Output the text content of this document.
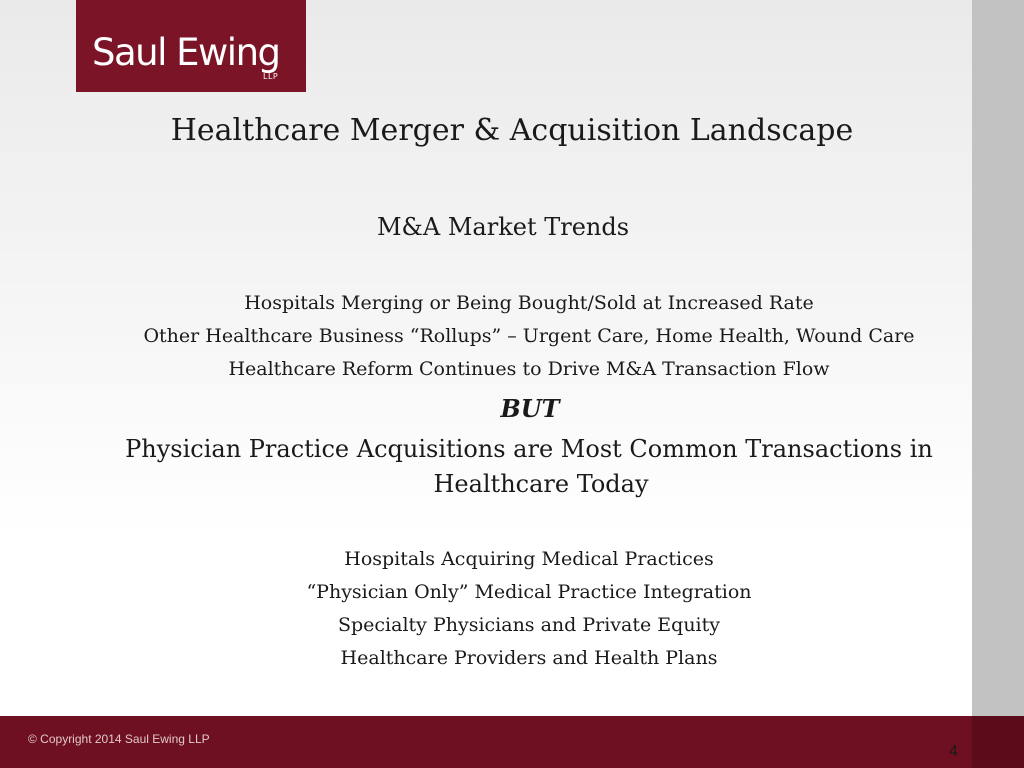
Saul Ewing
LLP
Healthcare Merger & Acquisition Landscape
M&A Market Trends
Hospitals Merging or Being Bought/Sold at Increased Rate
Other Healthcare Business “Rollups” – Urgent Care, Home Health, Wound Care
Healthcare Reform Continues to Drive M&A Transaction Flow
BUT
Physician Practice Acquisitions are Most Common Transactions in
Healthcare Today
Hospitals Acquiring Medical Practices
“Physician Only” Medical Practice Integration
Specialty Physicians and Private Equity
Healthcare Providers and Health Plans
© Copyright 2014 Saul Ewing LLP
4
